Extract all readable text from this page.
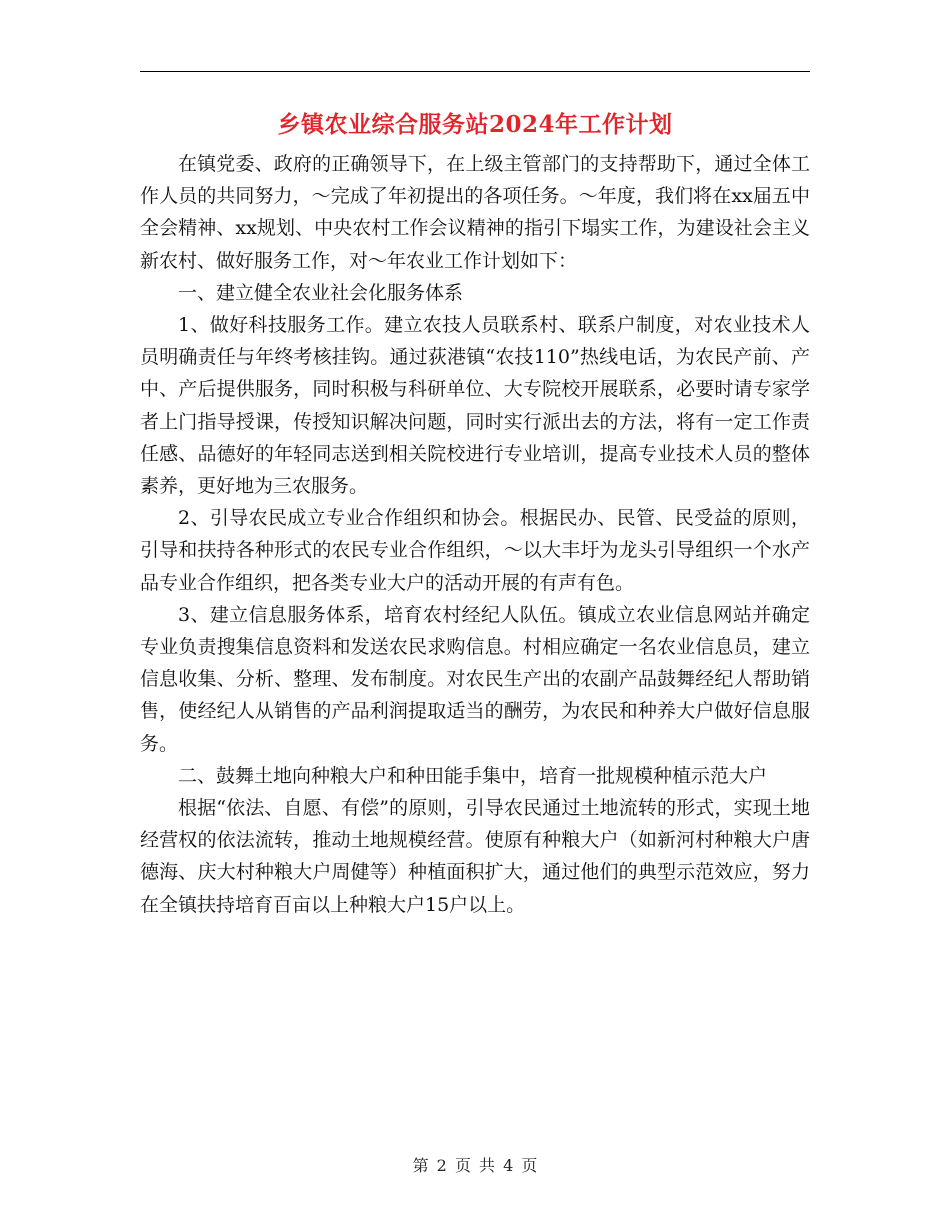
乡镇农业综合服务站2024年工作计划

在镇党委、政府的正确领导下，在上级主管部门的支持帮助下，通过全体工作人员的共同努力，～完成了年初提出的各项任务。～年度，我们将在xx届五中全会精神、xx规划、中央农村工作会议精神的指引下塌实工作，为建设社会主义新农村、做好服务工作，对～年农业工作计划如下：

一、建立健全农业社会化服务体系

1、做好科技服务工作。建立农技人员联系村、联系户制度，对农业技术人员明确责任与年终考核挂钩。通过荻港镇“农技110”热线电话，为农民产前、产中、产后提供服务，同时积极与科研单位、大专院校开展联系，必要时请专家学者上门指导授课，传授知识解决问题，同时实行派出去的方法，将有一定工作责任感、品德好的年轻同志送到相关院校进行专业培训，提高专业技术人员的整体素养，更好地为三农服务。

2、引导农民成立专业合作组织和协会。根据民办、民管、民受益的原则，引导和扶持各种形式的农民专业合作组织，～以大丰圩为龙头引导组织一个水产品专业合作组织，把各类专业大户的活动开展的有声有色。

3、建立信息服务体系，培育农村经纪人队伍。镇成立农业信息网站并确定专业负责搜集信息资料和发送农民求购信息。村相应确定一名农业信息员，建立信息收集、分析、整理、发布制度。对农民生产出的农副产品鼓舞经纪人帮助销售，使经纪人从销售的产品利润提取适当的酬劳，为农民和种养大户做好信息服务。

二、鼓舞土地向种粮大户和种田能手集中，培育一批规模种植示范大户

根据“依法、自愿、有偿”的原则，引导农民通过土地流转的形式，实现土地经营权的依法流转，推动土地规模经营。使原有种粮大户（如新河村种粮大户唐德海、庆大村种粮大户周健等）种植面积扩大，通过他们的典型示范效应，努力在全镇扶持培育百亩以上种粮大户15户以上。

第 2 页 共 4 页
